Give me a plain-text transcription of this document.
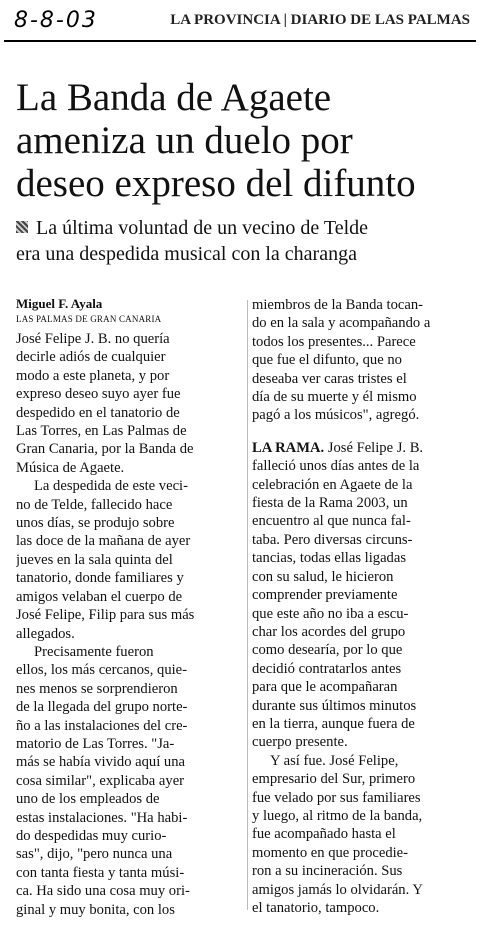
8-8-03	LA PROVINCIA | DIARIO DE LAS PALMAS
La Banda de Agaete
ameniza un duelo por
deseo expreso del difunto
La última voluntad de un vecino de Telde
era una despedida musical con la charanga
Miguel F. Ayala
LAS PALMAS DE GRAN CANARIA
José Felipe J. B. no quería
decirle adiós de cualquier
modo a este planeta, y por
expreso deseo suyo ayer fue
despedido en el tanatorio de
Las Torres, en Las Palmas de
Gran Canaria, por la Banda de
Música de Agaete.
La despedida de este veci-
no de Telde, fallecido hace
unos días, se produjo sobre
las doce de la mañana de ayer
jueves en la sala quinta del
tanatorio, donde familiares y
amigos velaban el cuerpo de
José Felipe, Filip para sus más
allegados.
Precisamente fueron
ellos, los más cercanos, quie-
nes menos se sorprendieron
de la llegada del grupo norte-
ño a las instalaciones del cre-
matorio de Las Torres. "Ja-
más se había vivido aquí una
cosa similar", explicaba ayer
uno de los empleados de
estas instalaciones. "Ha habi-
do despedidas muy curio-
sas", dijo, "pero nunca una
con tanta fiesta y tanta músi-
ca. Ha sido una cosa muy ori-
ginal y muy bonita, con los
miembros de la Banda tocan-
do en la sala y acompañando a
todos los presentes... Parece
que fue el difunto, que no
deseaba ver caras tristes el
día de su muerte y él mismo
pagó a los músicos", agregó.
LA RAMA. José Felipe J. B.
falleció unos días antes de la
celebración en Agaete de la
fiesta de la Rama 2003, un
encuentro al que nunca fal-
taba. Pero diversas circuns-
tancias, todas ellas ligadas
con su salud, le hicieron
comprender previamente
que este año no iba a escu-
char los acordes del grupo
como desearía, por lo que
decidió contratarlos antes
para que le acompañaran
durante sus últimos minutos
en la tierra, aunque fuera de
cuerpo presente.
Y así fue. José Felipe,
empresario del Sur, primero
fue velado por sus familiares
y luego, al ritmo de la banda,
fue acompañado hasta el
momento en que procedie-
ron a su incineración. Sus
amigos jamás lo olvidarán. Y
el tanatorio, tampoco.
